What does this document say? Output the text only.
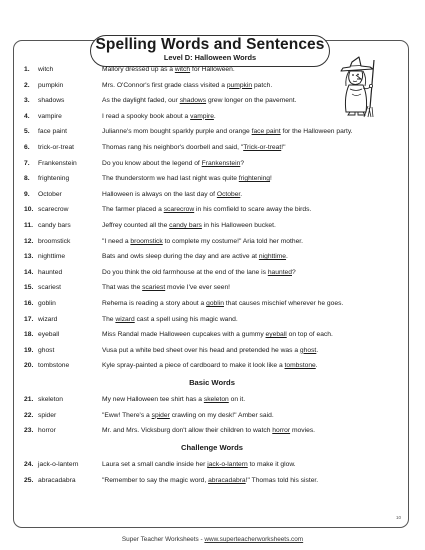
Spelling Words and Sentences
Level D: Halloween Words
1.	witch	Mallory dressed up as a witch for Halloween.
2.	pumpkin	Mrs. O'Connor's first grade class visited a pumpkin patch.
3.	shadows	As the daylight faded, our shadows grew longer on the pavement.
4.	vampire	I read a spooky book about a vampire.
5.	face paint	Julianne's mom bought sparkly purple and orange face paint for the Halloween party.
6.	trick-or-treat	Thomas rang his neighbor's doorbell and said, "Trick-or-treat!"
7.	Frankenstein	Do you know about the legend of Frankenstein?
8.	frightening	The thunderstorm we had last night was quite frightening!
9.	October	Halloween is always on the last day of October.
10. scarecrow	The farmer placed a scarecrow in his cornfield to scare away the birds.
11. candy bars	Jeffrey counted all the candy bars in his Halloween bucket.
12. broomstick	"I need a broomstick to complete my costume!" Aria told her mother.
13. nighttime	Bats and owls sleep during the day and are active at nighttime.
14. haunted	Do you think the old farmhouse at the end of the lane is haunted?
15. scariest	That was the scariest movie I've ever seen!
16. goblin	Rehema is reading a story about a goblin that causes mischief wherever he goes.
17. wizard	The wizard cast a spell using his magic wand.
18. eyeball	Miss Randal made Halloween cupcakes with a gummy eyeball on top of each.
19. ghost	Vusa put a white bed sheet over his head and pretended he was a ghost.
20. tombstone	Kyle spray-painted a piece of cardboard to make it look like a tombstone.
Basic Words
21. skeleton	My new Halloween tee shirt has a skeleton on it.
22. spider	"Eww! There's a spider crawling on my desk!" Amber said.
23. horror	Mr. and Mrs. Vicksburg don't allow their children to watch horror movies.
Challenge Words
24. jack-o-lantern	Laura set a small candle inside her jack-o-lantern to make it glow.
25. abracadabra	"Remember to say the magic word, abracadabra!" Thomas told his sister.
10
Super Teacher Worksheets - www.superteacherworksheets.com
